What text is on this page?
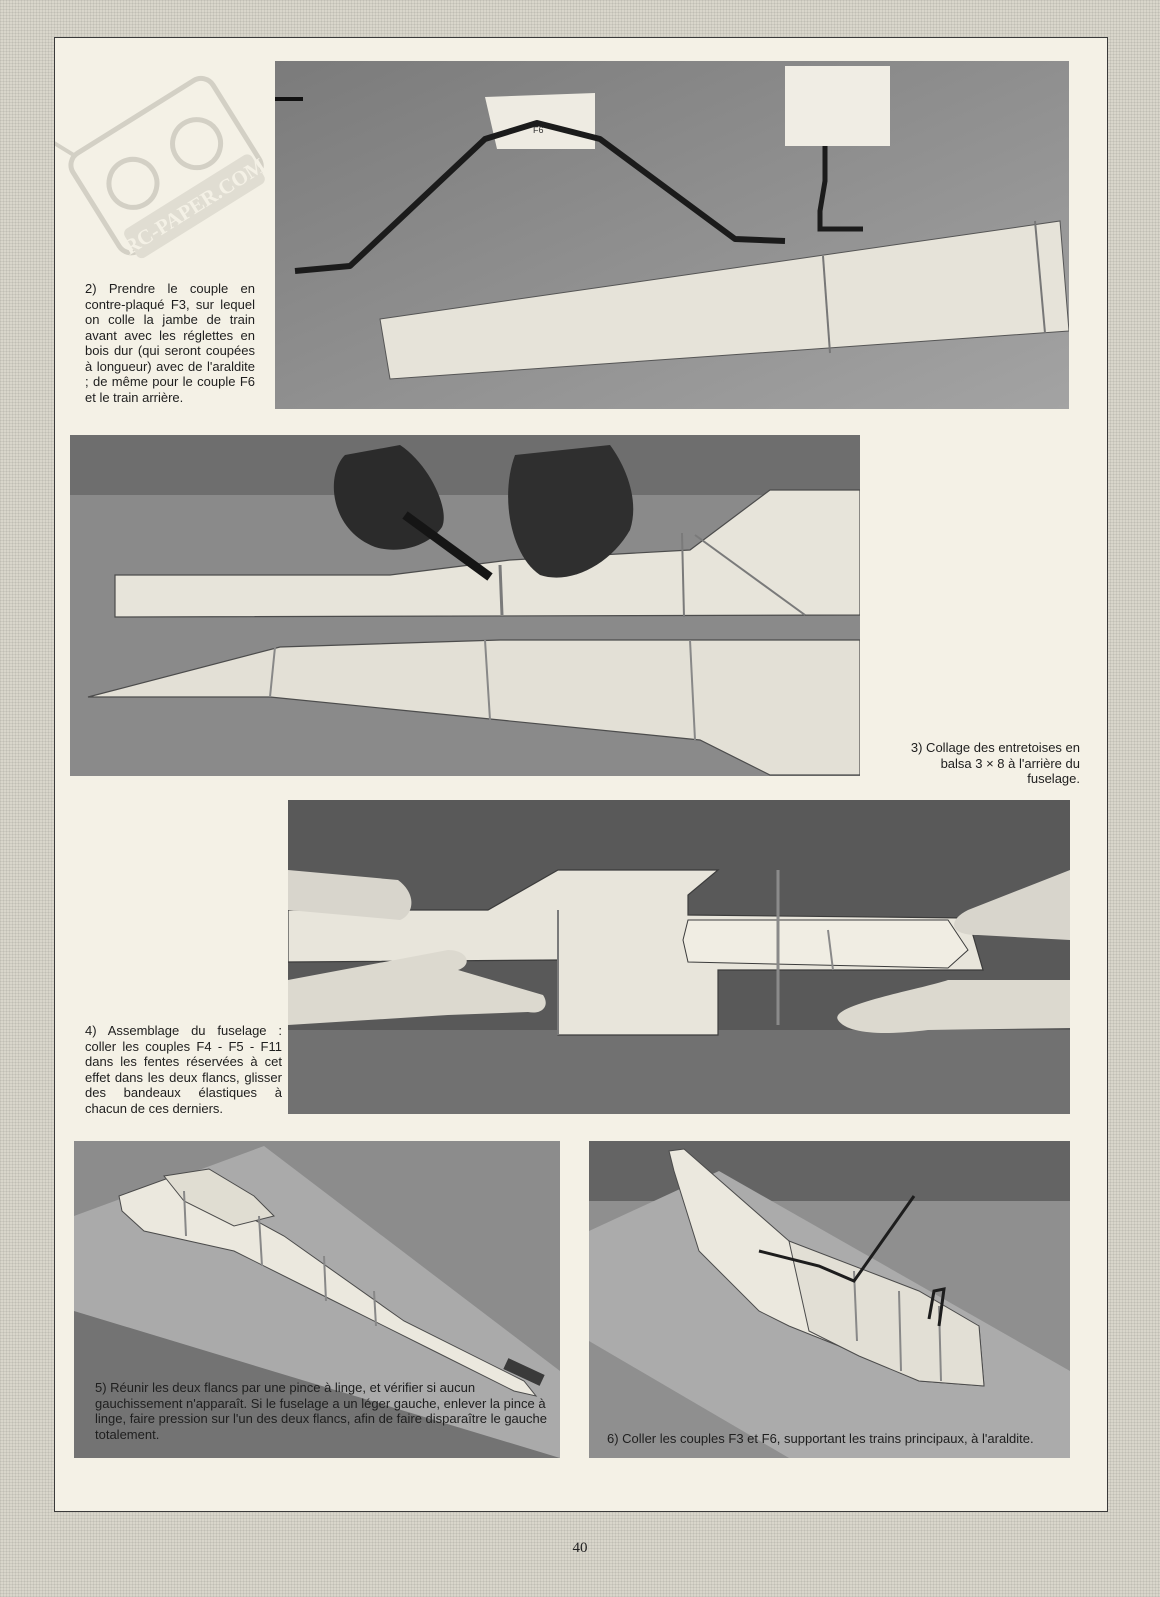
RC-PAPER.COM
F6

2) Prendre le couple en contre-plaqué F3, sur lequel on colle la jambe de train avant avec les réglettes en bois dur (qui seront coupées à longueur) avec de l'araldite ; de même pour le couple F6 et le train arrière.

3) Collage des entretoises en balsa 3 × 8 à l'arrière du fuselage.

4) Assemblage du fuselage : coller les couples F4 - F5 - F11 dans les fentes réservées à cet effet dans les deux flancs, glisser des bandeaux élastiques à chacun de ces derniers.

5) Réunir les deux flancs par une pince à linge, et vérifier si aucun gauchissement n'apparaît. Si le fuselage a un léger gauche, enlever la pince à linge, faire pression sur l'un des deux flancs, afin de faire disparaître le gauche totalement.	6) Coller les couples F3 et F6, supportant les trains principaux, à l'araldite.

40
